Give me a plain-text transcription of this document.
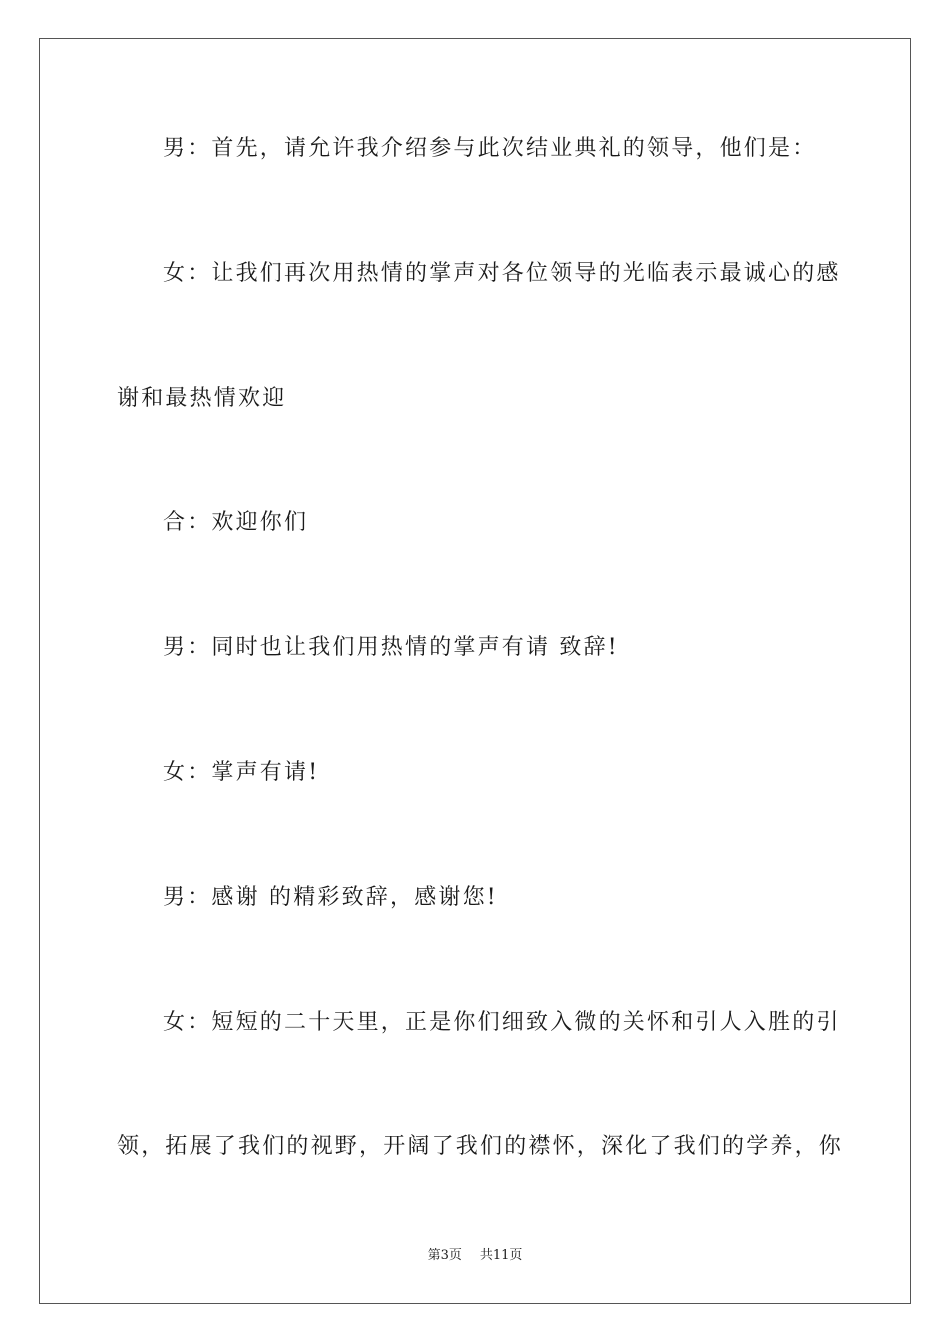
男：首先，请允许我介绍参与此次结业典礼的领导，他们是：
女：让我们再次用热情的掌声对各位领导的光临表示最诚心的感
谢和最热情欢迎
合：欢迎你们
男：同时也让我们用热情的掌声有请 致辞!
女：掌声有请!
男：感谢 的精彩致辞，感谢您!
女：短短的二十天里，正是你们细致入微的关怀和引人入胜的引
领，拓展了我们的视野，开阔了我们的襟怀，深化了我们的学养，你
第3页 共11页
